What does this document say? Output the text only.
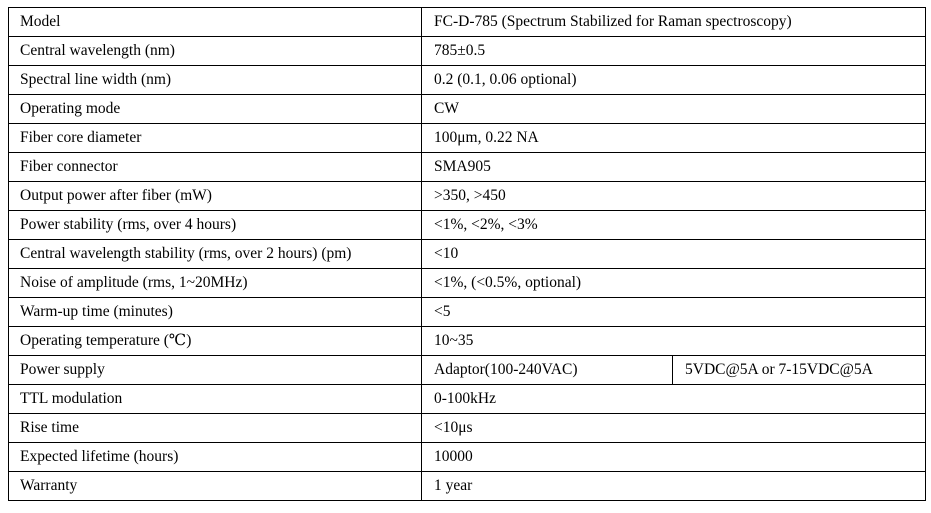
Model	FC-D-785 (Spectrum Stabilized for Raman spectroscopy)	
Central wavelength (nm)	785±0.5	
Spectral line width (nm)	0.2 (0.1, 0.06 optional)	
Operating mode	CW	
Fiber core diameter	100μm, 0.22 NA	
Fiber connector	SMA905	
Output power after fiber (mW)	>350, >450	
Power stability (rms, over 4 hours)	<1%, <2%, <3%	
Central wavelength stability (rms, over 2 hours) (pm)	<10	
Noise of amplitude (rms, 1~20MHz)	<1%, (<0.5%, optional)	
Warm-up time (minutes)	<5	
Operating temperature (℃)	10~35	
Power supply	Adaptor(100-240VAC)	5VDC@5A or 7-15VDC@5A
TTL modulation	0-100kHz	
Rise time	<10μs	
Expected lifetime (hours)	10000	
Warranty	1 year	
